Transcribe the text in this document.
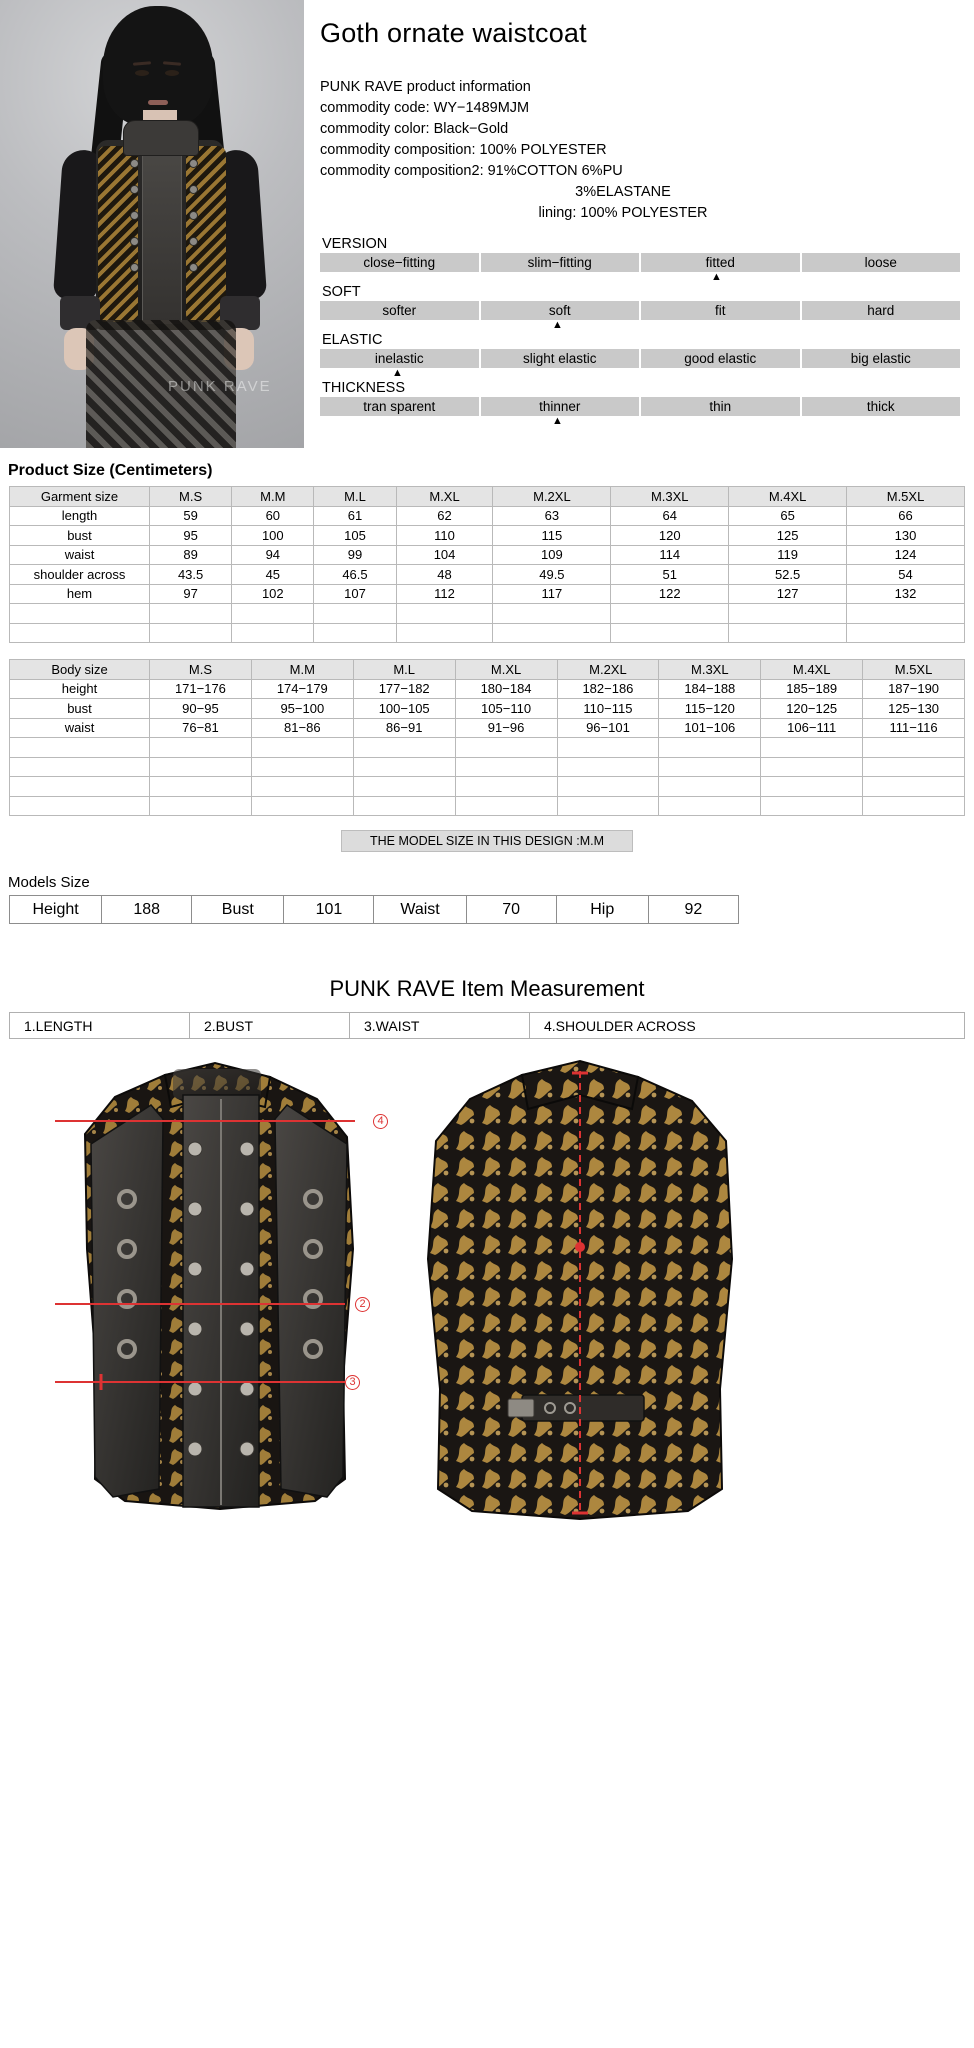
PUNK RAVE
Goth ornate waistcoat
PUNK RAVE product information
commodity code: WY−1489MJM
commodity color: Black−Gold
commodity composition: 100% POLYESTER
commodity composition2: 91%COTTON 6%PU
3%ELASTANE
lining: 100% POLYESTER
VERSION
close−fitting	slim−fitting	fitted	loose
▲
SOFT
softer	soft	fit	hard
▲
ELASTIC
inelastic	slight elastic	good elastic	big elastic
▲
THICKNESS
tran sparent	thinner	thin	thick
▲
Product Size (Centimeters)
Garment size	M.S	M.M	M.L	M.XL	M.2XL	M.3XL	M.4XL	M.5XL
length	59	60	61	62	63	64	65	66
bust	95	100	105	110	115	120	125	130
waist	89	94	99	104	109	114	119	124
shoulder across	43.5	45	46.5	48	49.5	51	52.5	54
hem	97	102	107	112	117	122	127	132

Body size	M.S	M.M	M.L	M.XL	M.2XL	M.3XL	M.4XL	M.5XL
height	171−176	174−179	177−182	180−184	182−186	184−188	185−189	187−190
bust	90−95	95−100	100−105	105−110	110−115	115−120	120−125	125−130
waist	76−81	81−86	86−91	91−96	96−101	101−106	106−111	111−116

THE MODEL SIZE IN THIS DESIGN :M.M
Models Size
Height	188	Bust	101	Waist	70	Hip	92
PUNK RAVE Item Measurement
1.LENGTH	2.BUST	3.WAIST	4.SHOULDER ACROSS
4
2
3
